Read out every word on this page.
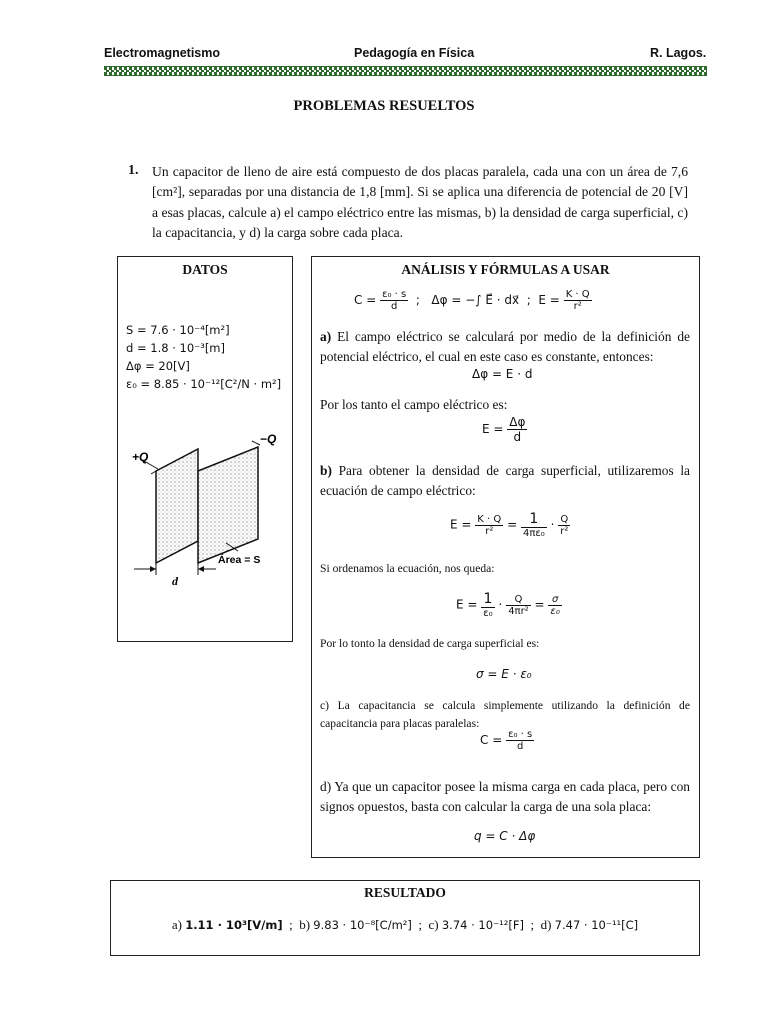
Electromagnetismo	Pedagogía en Física	R. Lagos.
PROBLEMAS RESUELTOS
1. Un capacitor de lleno de aire está compuesto de dos placas paralela, cada una con un área de 7,6 [cm²], separadas por una distancia de 1,8 [mm]. Si se aplica una diferencia de potencial de 20 [V] a esas placas, calcule a) el campo eléctrico entre las mismas, b) la densidad de carga superficial, c) la capacitancia, y d) la carga sobre cada placa.
DATOS
S = 7.6 · 10⁻⁴[m²]
d = 1.8 · 10⁻³[m]
Δφ = 20[V]
ε₀ = 8.85 · 10⁻¹²[C²/N · m²]
+Q
−Q
Área = S
d
ANÁLISIS Y FÓRMULAS A USAR
$C = \frac{\text{ε₀ · s}}{d}$ ; Δφ = −∫ E⃗ · dx⃗ ; $E = \frac{K \cdot Q}{\text{r²}}$
a) El campo eléctrico se calculará por medio de la definición de potencial eléctrico, el cual en este caso es constante, entonces:
Δφ = E · d
Por los tanto el campo eléctrico es:
$E = \frac{\Delta\varphi}{d}$
b) Para obtener la densidad de carga superficial, utilizaremos la ecuación de campo eléctrico:
$E = \frac{K \cdot Q}{\text{r²}} = \frac{1}{\text{4πε₀}} \cdot \frac{Q}{\text{r²}}$
Si ordenamos la ecuación, nos queda:
$E = \frac{1}{\text{ε₀}} \cdot \frac{Q}{\text{4πr²}} = \frac{\sigma}{\text{ε₀}}$
Por lo tonto la densidad de carga superficial es:
σ = E · ε₀
c) La capacitancia se calcula simplemente utilizando la definición de capacitancia para placas paralelas:
$C = \frac{\text{ε₀ · s}}{d}$
d) Ya que un capacitor posee la misma carga en cada placa, pero con signos opuestos, basta con calcular la carga de una sola placa:
q = C · Δφ
RESULTADO
a) 1.11 · 10³[V/m] ; b) 9.83 · 10⁻⁸[C/m²] ; c) 3.74 · 10⁻¹²[F] ; d) 7.47 · 10⁻¹¹[C]
